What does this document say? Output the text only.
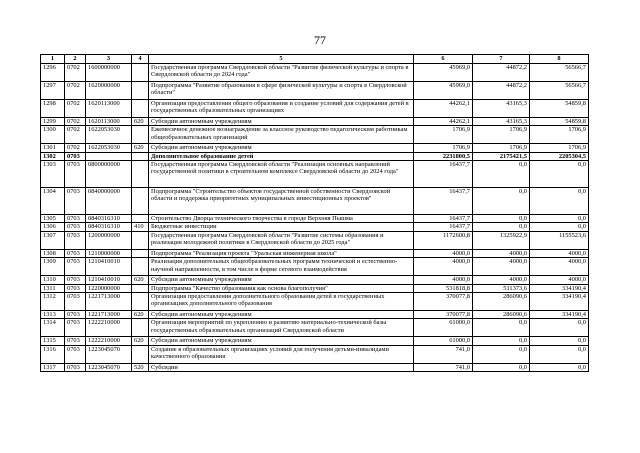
77
1	2	3	4	5	6	7	8
1296	0702	1600000000		Государственная программа Свердловской области "Развитие физической культуры и спорта в Свердловской области до 2024 года"	45969,0	44872,2	56566,7
1297	0702	1620000000		Подпрограмма "Развитие образования в сфере физической культуры и спорта в Свердловской области"	45969,0	44872,2	56566,7
1298	0702	1620113000		Организация предоставления общего образования и создание условий для содержания детей в государственных образовательных организациях	44262,1	43165,3	54859,8
1299	0702	1620113000	620	Субсидии автономным учреждениям	44262,1	43165,3	54859,8
1300	0702	1622053030		Ежемесячное денежное вознаграждение за классное руководство педагогическим работникам общеобразовательных организаций	1706,9	1706,9	1706,9
1301	0702	1622053030	620	Субсидии автономным учреждениям	1706,9	1706,9	1706,9
1302	0703			Дополнительное образование детей	2231800,5	2175421,5	2205304,5
1303	0703	0800000000		Государственная программа Свердловской области "Реализация основных направлений государственной политики в строительном комплексе Свердловской области до 2024 года"	16437,7	0,0	0,0
1304	0703	0840000000		Подпрограмма "Строительство объектов государственной собственности Свердловской области и поддержка приоритетных муниципальных инвестиционных проектов"	16437,7	0,0	0,0
1305	0703	0840316310		Строительство Дворца технического творчества в городе Верхняя Пышма	16437,7	0,0	0,0
1306	0703	0840316310	410	Бюджетные инвестиции	16437,7	0,0	0,0
1307	0703	1200000000		Государственная программа Свердловской области "Развитие системы образования и реализация молодежной политики в Свердловской области до 2025 года"	1172600,8	1325922,9	1155523,6
1308	0703	1210000000		Подпрограмма "Реализация проекта "Уральская инженерная школа"	4000,0	4000,0	4000,0
1309	0703	1210410010		Реализация дополнительных общеобразовательных программ технической и естественно-научной направленности, в том числе в форме сетевого взаимодействия	4000,0	4000,0	4000,0
1310	0703	1210410010	620	Субсидии автономным учреждениям	4000,0	4000,0	4000,0
1311	0703	1220000000		Подпрограмма "Качество образования как основа благополучия"	531818,8	511373,6	334190,4
1312	0703	1221713000		Организация предоставления дополнительного образования детей в государственных организациях дополнительного образования	370077,8	286090,6	334190,4
1313	0703	1221713000	620	Субсидии автономным учреждениям	370077,8	286090,6	334190,4
1314	0703	1222210000		Организация мероприятий по укреплению и развитию материально-технической базы государственных образовательных организаций Свердловской области	61000,0	0,0	0,0
1315	0703	1222210000	620	Субсидии автономным учреждениям	61000,0	0,0	0,0
1316	0703	1223045070		Создание в образовательных организациях условий для получения детьми-инвалидами качественного образования	741,0	0,0	0,0
1317	0703	1223045070	520	Субсидии	741,0	0,0	0,0
